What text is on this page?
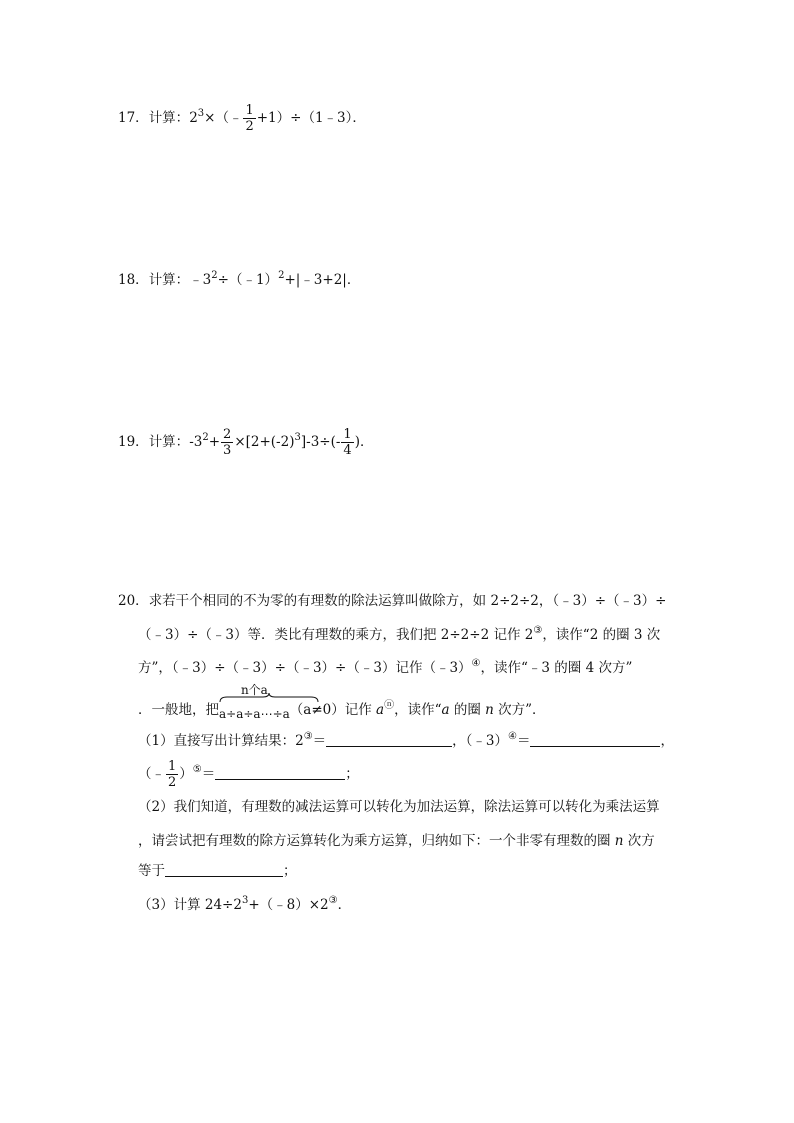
17．计算：$2^3\times(﹣ \frac{1}{2}$ +1）÷（1﹣3）．
18．计算：$﹣3^2\div(﹣1)^2+|﹣3+2|$．
19．计算：$-3^2+ \frac{2}{3} \times[2+(-2)^3]-3\div(- \frac{1}{4}$ )．
20．求若干个相同的不为零的有理数的除法运算叫做除方，如 2÷2÷2，（﹣3）÷（﹣3）÷
（﹣3）÷（﹣3）等．类比有理数的乘方，我们把 2÷2÷2 记作 2③，读作“2 的圈 3 次
方”，（﹣3）÷（﹣3）÷（﹣3）÷（﹣3）记作（﹣3）④，读作“﹣3 的圈 4 次方”
．一般地，把
n个a
a÷a÷a⋯÷a（a≠0）记作 aⓝ，读作“a 的圈 n 次方”．
（1）直接写出计算结果：2③＝	，（﹣3）④＝	，
（﹣ $\frac{1}{2} )^⑤=$	；
（2）我们知道，有理数的减法运算可以转化为加法运算，除法运算可以转化为乘法运算
，请尝试把有理数的除方运算转化为乘方运算，归纳如下：一个非零有理数的圈 n 次方
等于	；
（3）计算 $24\div 2^3+(﹣8)\times 2^③$．
